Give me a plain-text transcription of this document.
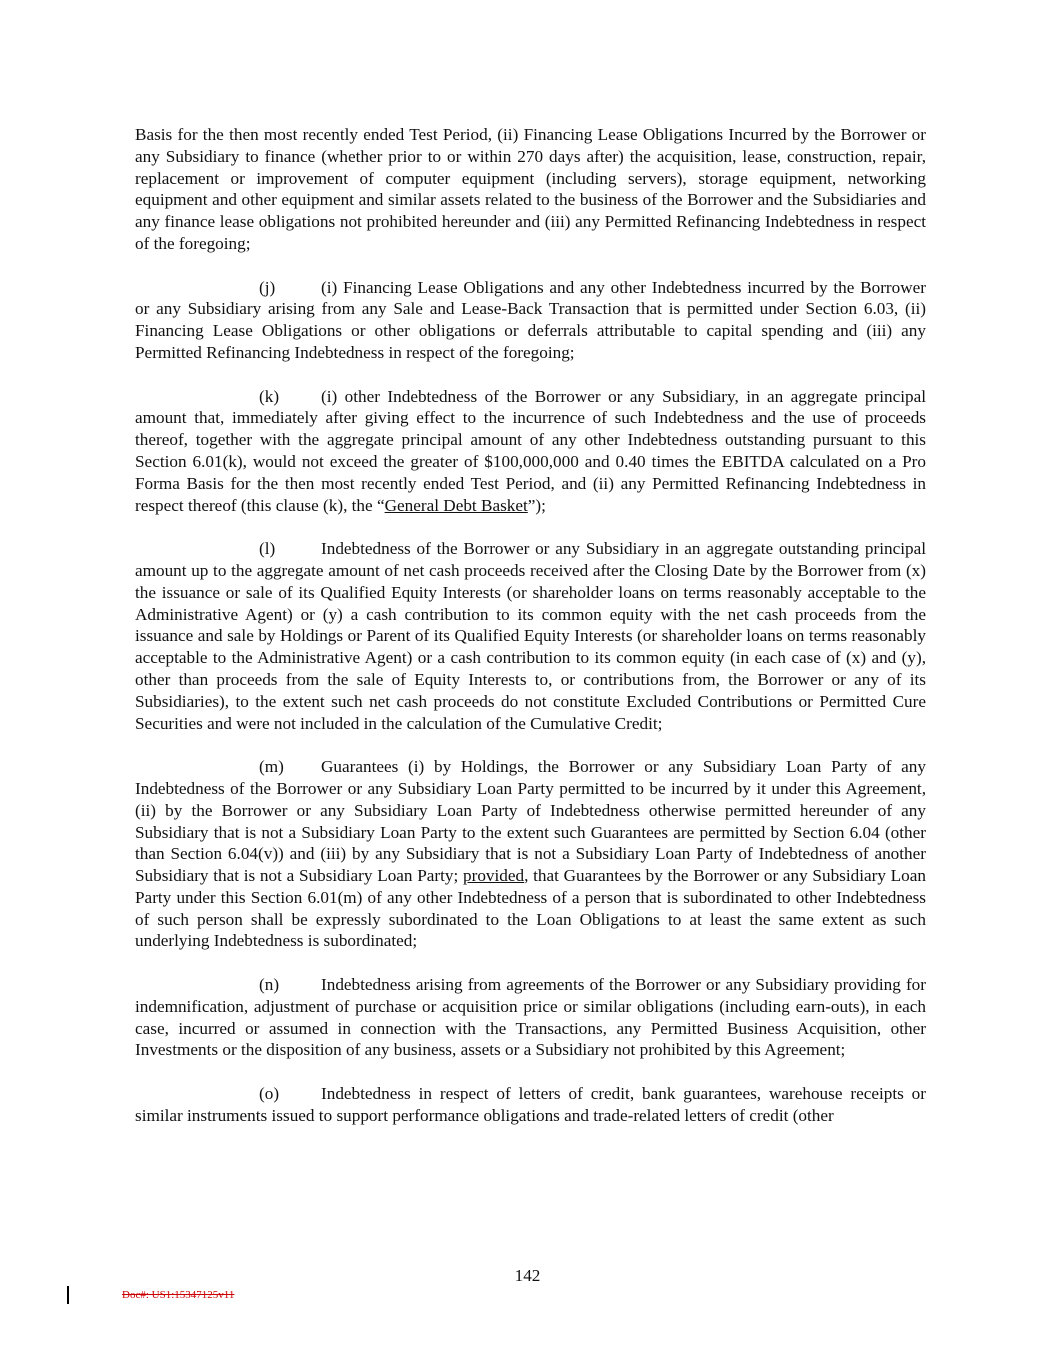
Basis for the then most recently ended Test Period, (ii) Financing Lease Obligations Incurred by the Borrower or any Subsidiary to finance (whether prior to or within 270 days after) the acquisition, lease, construction, repair, replacement or improvement of computer equipment (including servers), storage equipment, networking equipment and other equipment and similar assets related to the business of the Borrower and the Subsidiaries and any finance lease obligations not prohibited hereunder and (iii) any Permitted Refinancing Indebtedness in respect of the foregoing;

(j)	(i) Financing Lease Obligations and any other Indebtedness incurred by the Borrower or any Subsidiary arising from any Sale and Lease-Back Transaction that is permitted under Section 6.03, (ii) Financing Lease Obligations or other obligations or deferrals attributable to capital spending and (iii) any Permitted Refinancing Indebtedness in respect of the foregoing;

(k) (i) other Indebtedness of the Borrower or any Subsidiary, in an aggregate principal amount that, immediately after giving effect to the incurrence of such Indebtedness and the use of proceeds thereof, together with the aggregate principal amount of any other Indebtedness outstanding pursuant to this Section 6.01(k), would not exceed the greater of $100,000,000 and 0.40 times the EBITDA calculated on a Pro Forma Basis for the then most recently ended Test Period, and (ii) any Permitted Refinancing Indebtedness in respect thereof (this clause (k), the “General Debt Basket”);

(l)	Indebtedness of the Borrower or any Subsidiary in an aggregate outstanding principal amount up to the aggregate amount of net cash proceeds received after the Closing Date by the Borrower from (x) the issuance or sale of its Qualified Equity Interests (or shareholder loans on terms reasonably acceptable to the Administrative Agent) or (y) a cash contribution to its common equity with the net cash proceeds from the issuance and sale by Holdings or Parent of its Qualified Equity Interests (or shareholder loans on terms reasonably acceptable to the Administrative Agent) or a cash contribution to its common equity (in each case of (x) and (y), other than proceeds from the sale of Equity Interests to, or contributions from, the Borrower or any of its Subsidiaries), to the extent such net cash proceeds do not constitute Excluded Contributions or Permitted Cure Securities and were not included in the calculation of the Cumulative Credit;

(m) Guarantees (i) by Holdings, the Borrower or any Subsidiary Loan Party of any Indebtedness of the Borrower or any Subsidiary Loan Party permitted to be incurred by it under this Agreement, (ii) by the Borrower or any Subsidiary Loan Party of Indebtedness otherwise permitted hereunder of any Subsidiary that is not a Subsidiary Loan Party to the extent such Guarantees are permitted by Section 6.04 (other than Section 6.04(v)) and (iii) by any Subsidiary that is not a Subsidiary Loan Party of Indebtedness of another Subsidiary that is not a Subsidiary Loan Party; provided, that Guarantees by the Borrower or any Subsidiary Loan Party under this Section 6.01(m) of any other Indebtedness of a person that is subordinated to other Indebtedness of such person shall be expressly subordinated to the Loan Obligations to at least the same extent as such underlying Indebtedness is subordinated;

(n) Indebtedness arising from agreements of the Borrower or any Subsidiary providing for indemnification, adjustment of purchase or acquisition price or similar obligations (including earn-outs), in each case, incurred or assumed in connection with the Transactions, any Permitted Business Acquisition, other Investments or the disposition of any business, assets or a Subsidiary not prohibited by this Agreement;

(o) Indebtedness in respect of letters of credit, bank guarantees, warehouse receipts or similar instruments issued to support performance obligations and trade-related letters of credit (other

142
Doc#: US1:15347125v11
